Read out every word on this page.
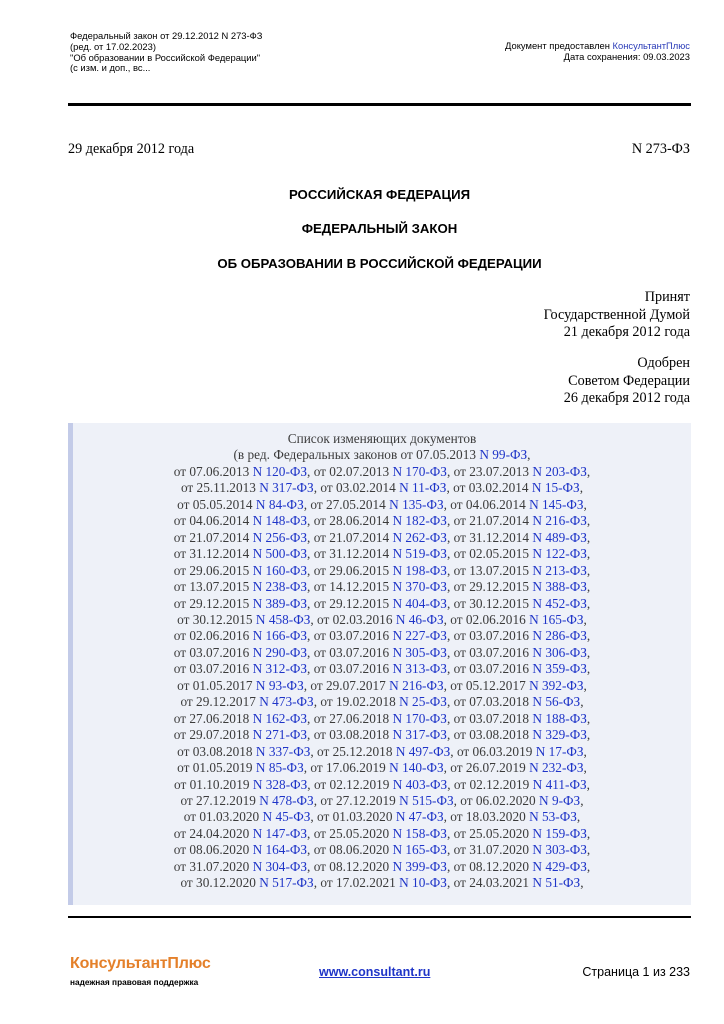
Федеральный закон от 29.12.2012 N 273-ФЗ
(ред. от 17.02.2023)
"Об образовании в Российской Федерации"
(с изм. и доп., вс...
Документ предоставлен КонсультантПлюс
Дата сохранения: 09.03.2023
29 декабря 2012 года	N 273-ФЗ
РОССИЙСКАЯ ФЕДЕРАЦИЯ
ФЕДЕРАЛЬНЫЙ ЗАКОН
ОБ ОБРАЗОВАНИИ В РОССИЙСКОЙ ФЕДЕРАЦИИ
Принят
Государственной Думой
21 декабря 2012 года
Одобрен
Советом Федерации
26 декабря 2012 года
Список изменяющих документов
(в ред. Федеральных законов от 07.05.2013 N 99-ФЗ,
от 07.06.2013 N 120-ФЗ, от 02.07.2013 N 170-ФЗ, от 23.07.2013 N 203-ФЗ,
от 25.11.2013 N 317-ФЗ, от 03.02.2014 N 11-ФЗ, от 03.02.2014 N 15-ФЗ,
от 05.05.2014 N 84-ФЗ, от 27.05.2014 N 135-ФЗ, от 04.06.2014 N 145-ФЗ,
от 04.06.2014 N 148-ФЗ, от 28.06.2014 N 182-ФЗ, от 21.07.2014 N 216-ФЗ,
от 21.07.2014 N 256-ФЗ, от 21.07.2014 N 262-ФЗ, от 31.12.2014 N 489-ФЗ,
от 31.12.2014 N 500-ФЗ, от 31.12.2014 N 519-ФЗ, от 02.05.2015 N 122-ФЗ,
от 29.06.2015 N 160-ФЗ, от 29.06.2015 N 198-ФЗ, от 13.07.2015 N 213-ФЗ,
от 13.07.2015 N 238-ФЗ, от 14.12.2015 N 370-ФЗ, от 29.12.2015 N 388-ФЗ,
от 29.12.2015 N 389-ФЗ, от 29.12.2015 N 404-ФЗ, от 30.12.2015 N 452-ФЗ,
от 30.12.2015 N 458-ФЗ, от 02.03.2016 N 46-ФЗ, от 02.06.2016 N 165-ФЗ,
от 02.06.2016 N 166-ФЗ, от 03.07.2016 N 227-ФЗ, от 03.07.2016 N 286-ФЗ,
от 03.07.2016 N 290-ФЗ, от 03.07.2016 N 305-ФЗ, от 03.07.2016 N 306-ФЗ,
от 03.07.2016 N 312-ФЗ, от 03.07.2016 N 313-ФЗ, от 03.07.2016 N 359-ФЗ,
от 01.05.2017 N 93-ФЗ, от 29.07.2017 N 216-ФЗ, от 05.12.2017 N 392-ФЗ,
от 29.12.2017 N 473-ФЗ, от 19.02.2018 N 25-ФЗ, от 07.03.2018 N 56-ФЗ,
от 27.06.2018 N 162-ФЗ, от 27.06.2018 N 170-ФЗ, от 03.07.2018 N 188-ФЗ,
от 29.07.2018 N 271-ФЗ, от 03.08.2018 N 317-ФЗ, от 03.08.2018 N 329-ФЗ,
от 03.08.2018 N 337-ФЗ, от 25.12.2018 N 497-ФЗ, от 06.03.2019 N 17-ФЗ,
от 01.05.2019 N 85-ФЗ, от 17.06.2019 N 140-ФЗ, от 26.07.2019 N 232-ФЗ,
от 01.10.2019 N 328-ФЗ, от 02.12.2019 N 403-ФЗ, от 02.12.2019 N 411-ФЗ,
от 27.12.2019 N 478-ФЗ, от 27.12.2019 N 515-ФЗ, от 06.02.2020 N 9-ФЗ,
от 01.03.2020 N 45-ФЗ, от 01.03.2020 N 47-ФЗ, от 18.03.2020 N 53-ФЗ,
от 24.04.2020 N 147-ФЗ, от 25.05.2020 N 158-ФЗ, от 25.05.2020 N 159-ФЗ,
от 08.06.2020 N 164-ФЗ, от 08.06.2020 N 165-ФЗ, от 31.07.2020 N 303-ФЗ,
от 31.07.2020 N 304-ФЗ, от 08.12.2020 N 399-ФЗ, от 08.12.2020 N 429-ФЗ,
от 30.12.2020 N 517-ФЗ, от 17.02.2021 N 10-ФЗ, от 24.03.2021 N 51-ФЗ,
КонсультантПлюс
надежная правовая поддержка
www.consultant.ru	Страница 1 из 233
